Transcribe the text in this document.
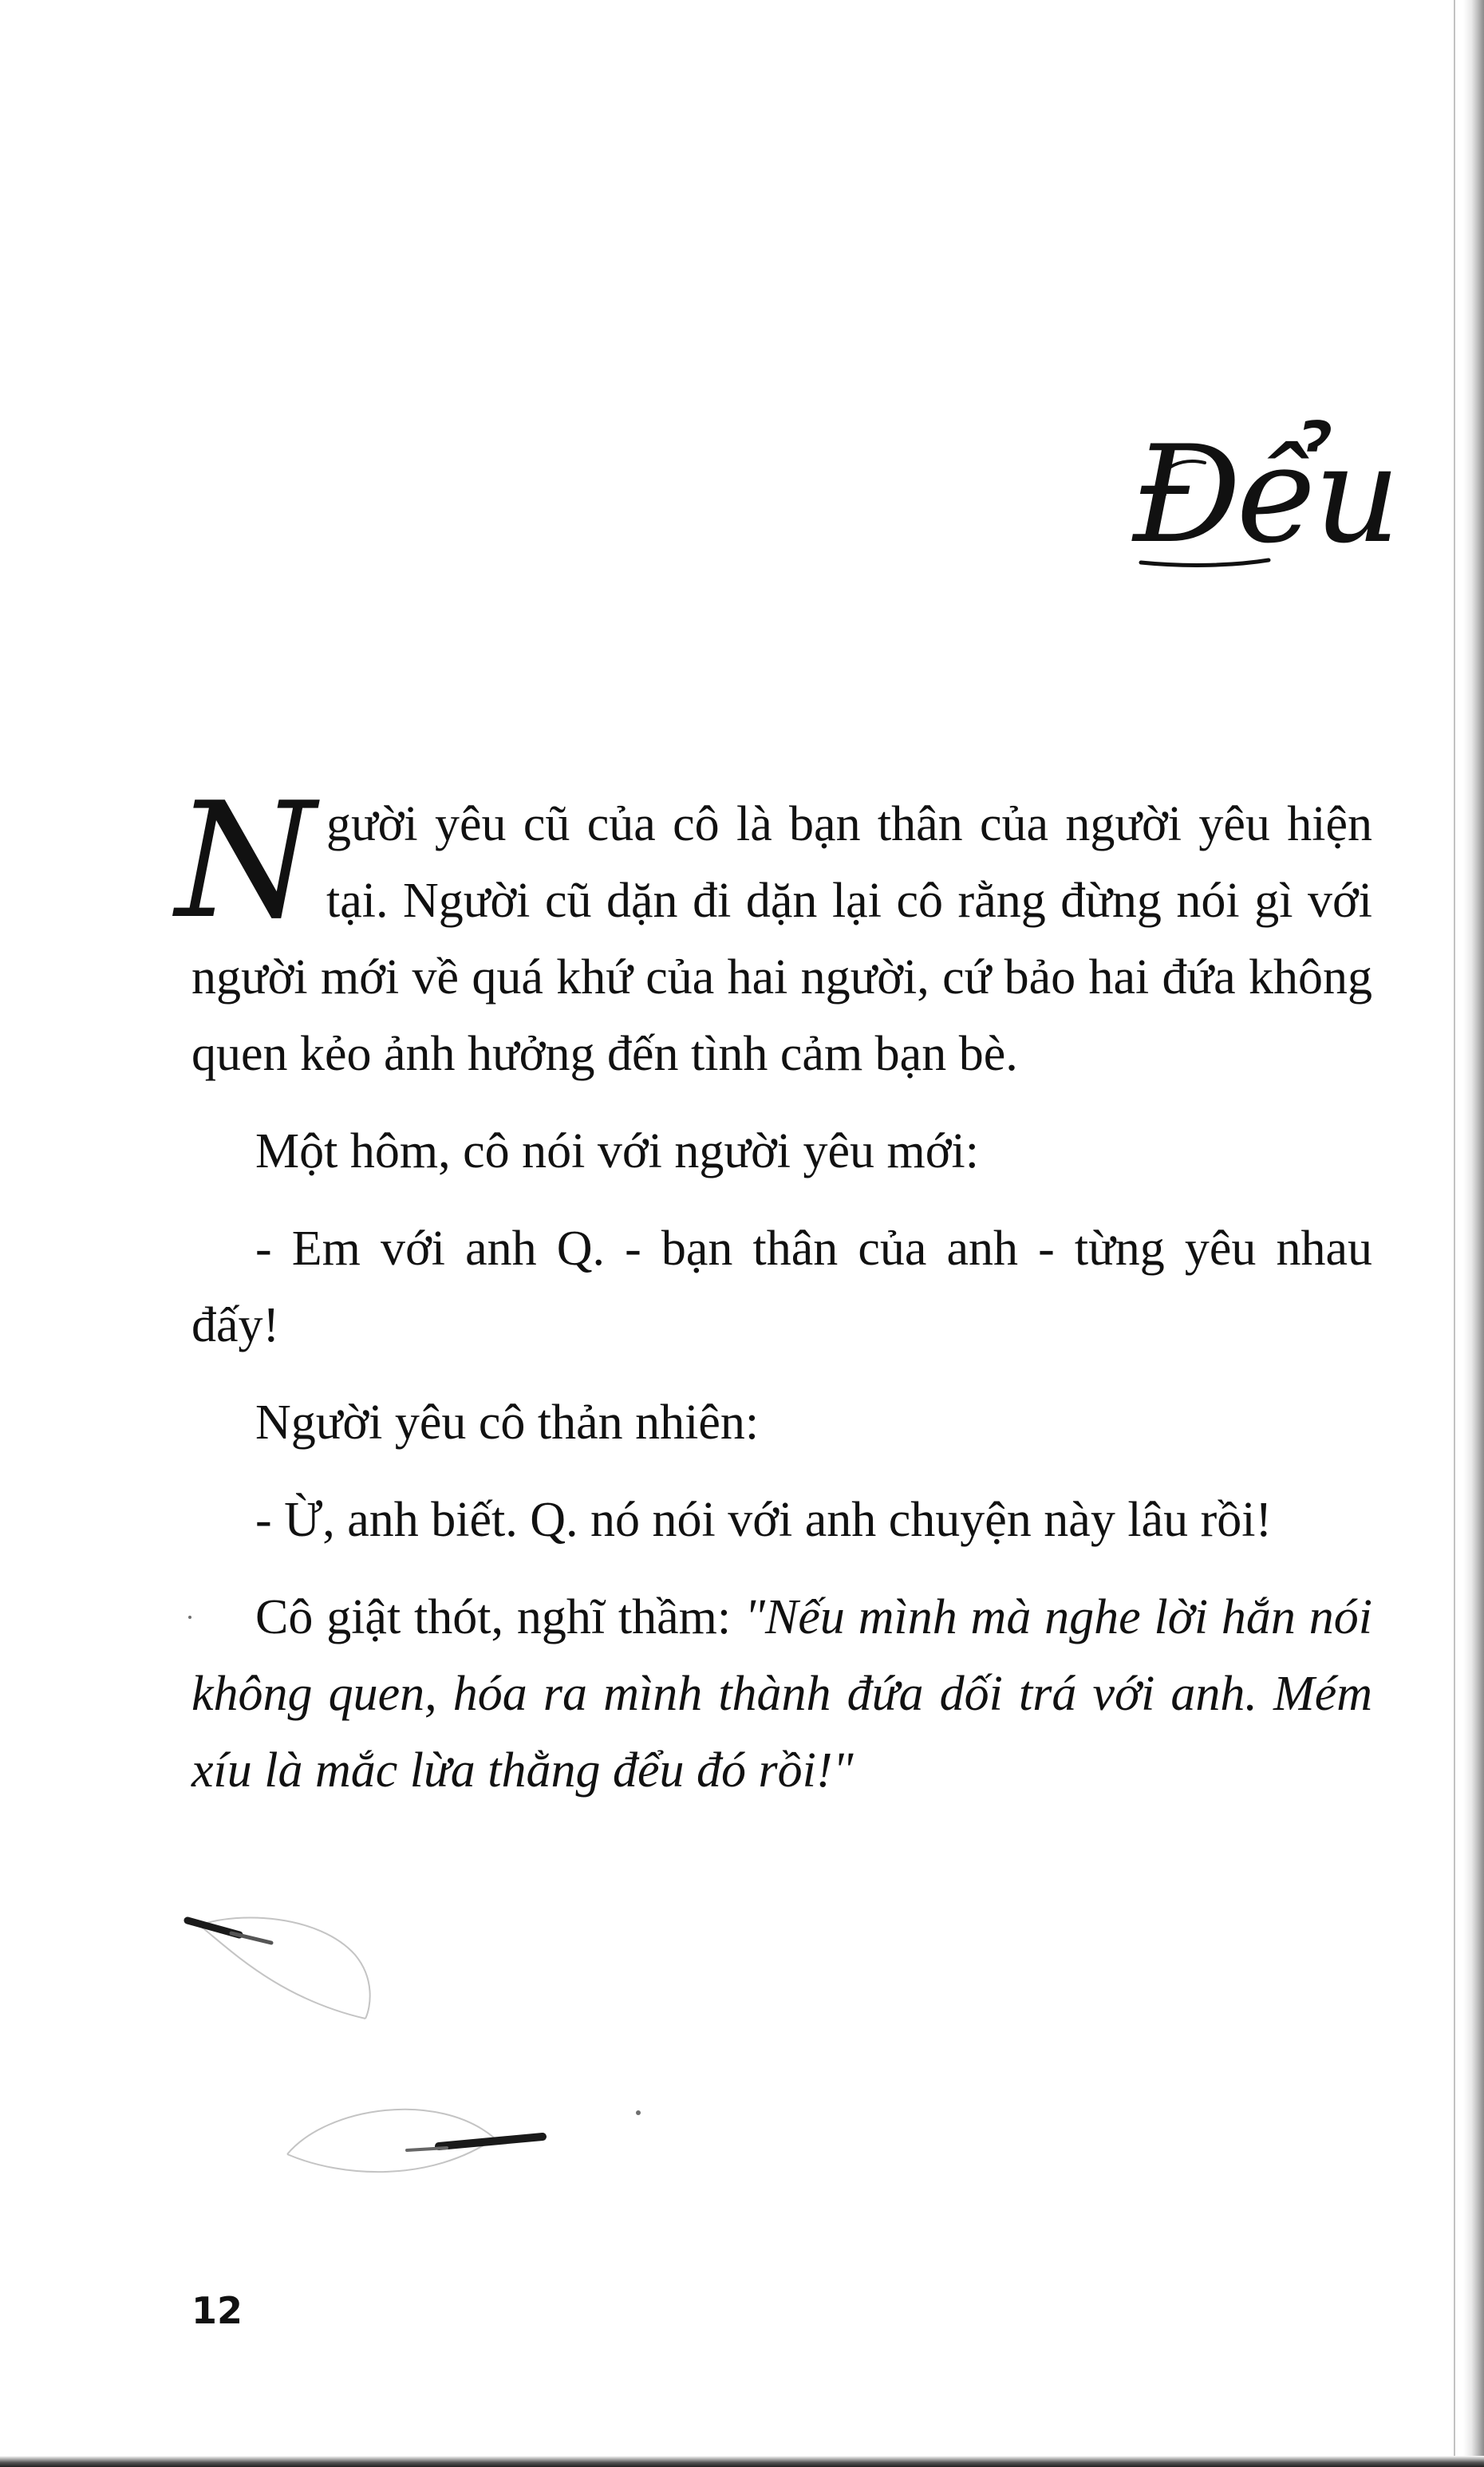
Đểu

Người yêu cũ của cô là bạn thân của người yêu hiện tại. Người cũ dặn đi dặn lại cô rằng đừng nói gì với người mới về quá khứ của hai người, cứ bảo hai đứa không quen kẻo ảnh hưởng đến tình cảm bạn bè.

Một hôm, cô nói với người yêu mới:

- Em với anh Q. - bạn thân của anh - từng yêu nhau đấy!

Người yêu cô thản nhiên:

- Ừ, anh biết. Q. nó nói với anh chuyện này lâu rồi!

Cô giật thót, nghĩ thầm: "Nếu mình mà nghe lời hắn nói không quen, hóa ra mình thành đứa dối trá với anh. Mém xíu là mắc lừa thằng đểu đó rồi!"

12
